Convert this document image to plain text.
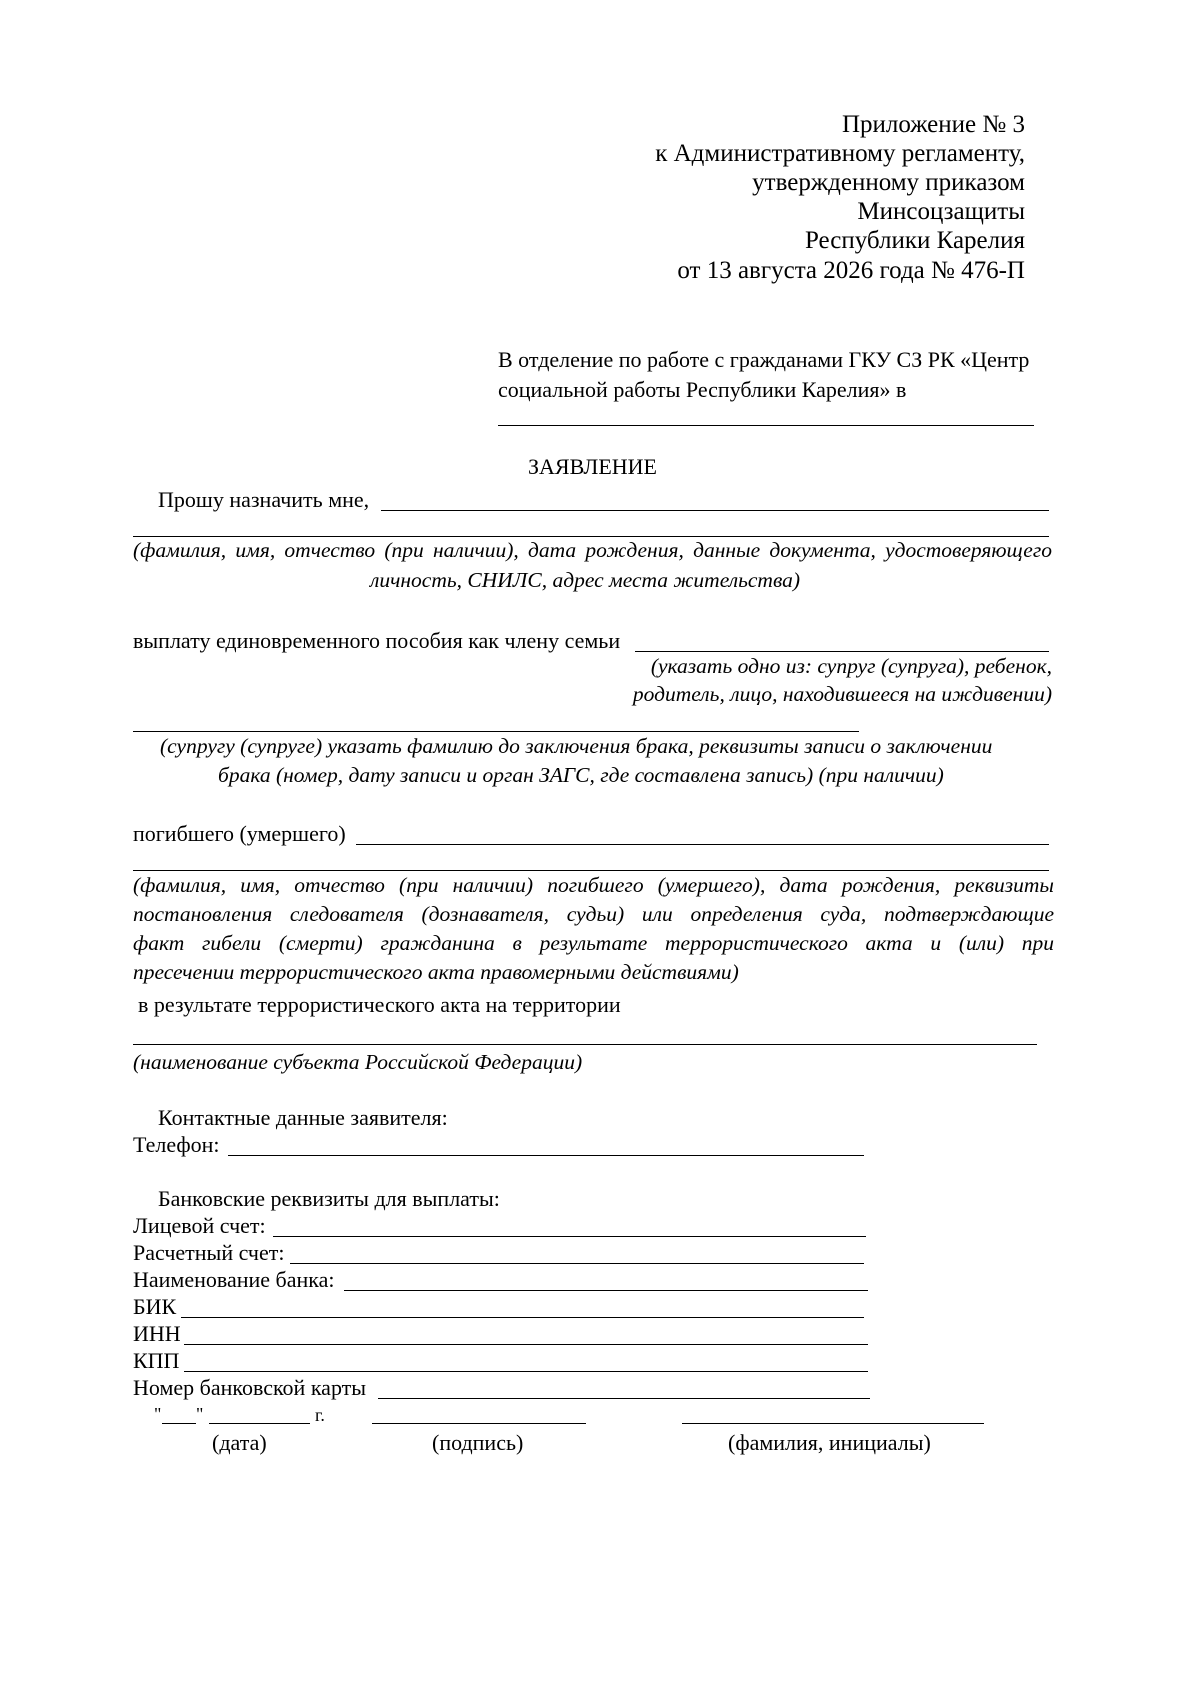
Приложение № 3
к Административному регламенту,
утвержденному приказом
Минсоцзащиты
Республики Карелия
от 13 августа 2026 года № 476-П
В отделение по работе с гражданами ГКУ СЗ РК «Центр
социальной работы Республики Карелия» в
ЗАЯВЛЕНИЕ
Прошу назначить мне,
(фамилия, имя, отчество (при наличии), дата рождения, данные документа, удостоверяющего
личность, СНИЛС, адрес места жительства)
выплату единовременного пособия как члену семьи
(указать одно из: супруг (супруга), ребенок,
родитель, лицо, находившееся на иждивении)
(супругу (супруге) указать фамилию до заключения брака, реквизиты записи о заключении
брака (номер, дату записи и орган ЗАГС, где составлена запись) (при наличии)
погибшего (умершего)
(фамилия, имя, отчество (при наличии) погибшего (умершего), дата рождения, реквизиты
постановления следователя (дознавателя, судьи) или определения суда, подтверждающие
факт гибели (смерти) гражданина в результате террористического акта и (или) при
пресечении террористического акта правомерными действиями)
в результате террористического акта на территории
(наименование субъекта Российской Федерации)
Контактные данные заявителя:
Телефон:
Банковские реквизиты для выплаты:
Лицевой счет:
Расчетный счет:
Наименование банка:
БИК
ИНН
КПП
Номер банковской карты
" "	г.
(дата)	(подпись)	(фамилия, инициалы)
